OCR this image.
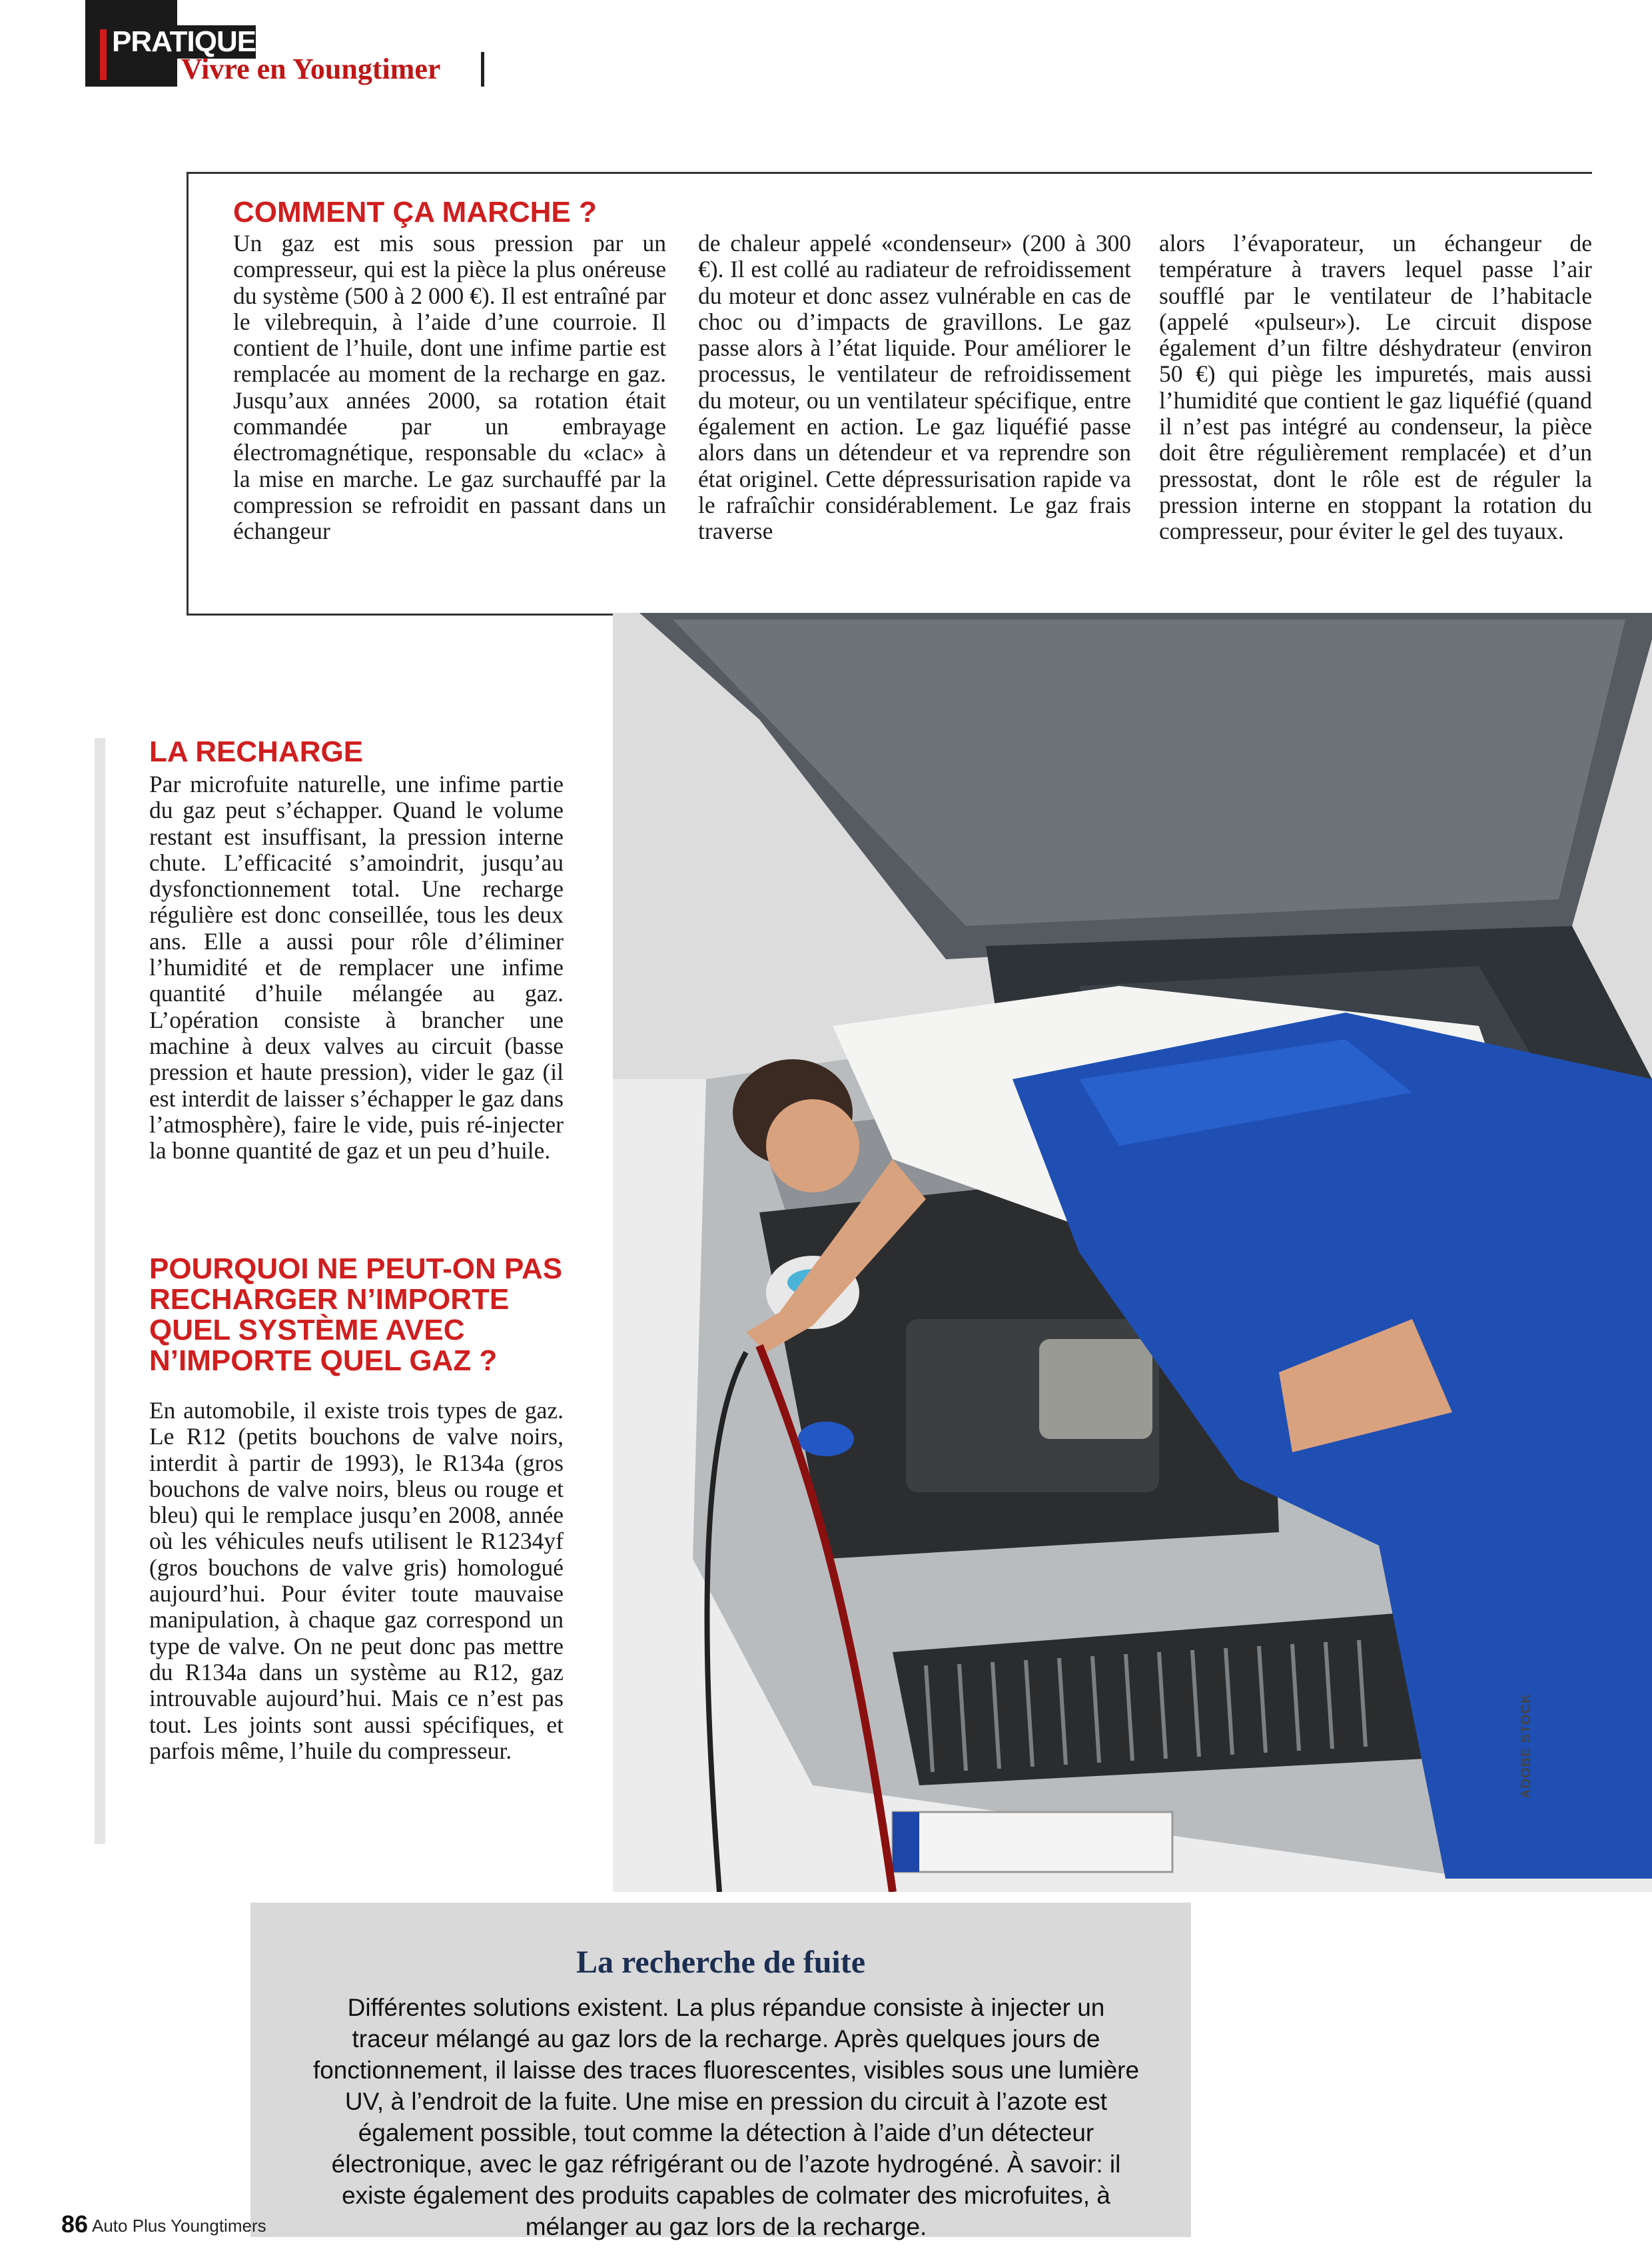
PRATIQUE
Vivre en Youngtimer
COMMENT ÇA MARCHE ?

Un gaz est mis sous pression par un compresseur, qui est la pièce la plus onéreuse du système (500 à 2 000 €). Il est entraîné par le vilebrequin, à l’aide d’une courroie. Il contient de l’huile, dont une infime partie est remplacée au moment de la recharge en gaz. Jusqu’aux années 2000, sa rotation était commandée par un embrayage électromagnétique, responsable du «clac» à la mise en marche. Le gaz surchauffé par la compression se refroidit en passant dans un échangeur

de chaleur appelé «condenseur» (200 à 300 €). Il est collé au radiateur de refroidissement du moteur et donc assez vulnérable en cas de choc ou d’impacts de gravillons. Le gaz passe alors à l’état liquide. Pour améliorer le processus, le ventilateur de refroidissement du moteur, ou un ventilateur spécifique, entre également en action. Le gaz liquéfié passe alors dans un détendeur et va reprendre son état originel. Cette dépressurisation rapide va le rafraîchir considérablement. Le gaz frais traverse

alors l’évaporateur, un échangeur de température à travers lequel passe l’air soufflé par le ventilateur de l’habitacle (appelé «pulseur»). Le circuit dispose également d’un filtre déshydrateur (environ 50 €) qui piège les impuretés, mais aussi l’humidité que contient le gaz liquéfié (quand il n’est pas intégré au condenseur, la pièce doit être régulièrement remplacée) et d’un pressostat, dont le rôle est de réguler la pression interne en stoppant la rotation du compresseur, pour éviter le gel des tuyaux.

ADOBE STOCK
LA RECHARGE

Par microfuite naturelle, une infime partie du gaz peut s’échapper. Quand le volume restant est insuffisant, la pression interne chute. L’efficacité s’amoindrit, jusqu’au dysfonctionnement total. Une recharge régulière est donc conseillée, tous les deux ans. Elle a aussi pour rôle d’éliminer l’humidité et de remplacer une infime quantité d’huile mélangée au gaz. L’opération consiste à brancher une machine à deux valves au circuit (basse pression et haute pression), vider le gaz (il est interdit de laisser s’échapper le gaz dans l’atmosphère), faire le vide, puis ré-injecter la bonne quantité de gaz et un peu d’huile.

POURQUOI NE PEUT-ON PAS RECHARGER N’IMPORTE QUEL SYSTÈME AVEC N’IMPORTE QUEL GAZ ?

En automobile, il existe trois types de gaz. Le R12 (petits bouchons de valve noirs, interdit à partir de 1993), le R134a (gros bouchons de valve noirs, bleus ou rouge et bleu) qui le remplace jusqu’en 2008, année où les véhicules neufs utilisent le R1234yf (gros bouchons de valve gris) homologué aujourd’hui. Pour éviter toute mauvaise manipulation, à chaque gaz correspond un type de valve. On ne peut donc pas mettre du R134a dans un système au R12, gaz introuvable aujourd’hui. Mais ce n’est pas tout. Les joints sont aussi spécifiques, et parfois même, l’huile du compresseur.

La recherche de fuite

Différentes solutions existent. La plus répandue consiste à injecter un traceur mélangé au gaz lors de la recharge. Après quelques jours de fonctionnement, il laisse des traces fluorescentes, visibles sous une lumière UV, à l’endroit de la fuite. Une mise en pression du circuit à l’azote est également possible, tout comme la détection à l’aide d’un détecteur électronique, avec le gaz réfrigérant ou de l’azote hydrogéné. À savoir: il existe également des produits capables de colmater des microfuites, à mélanger au gaz lors de la recharge.

86 Auto Plus Youngtimers
